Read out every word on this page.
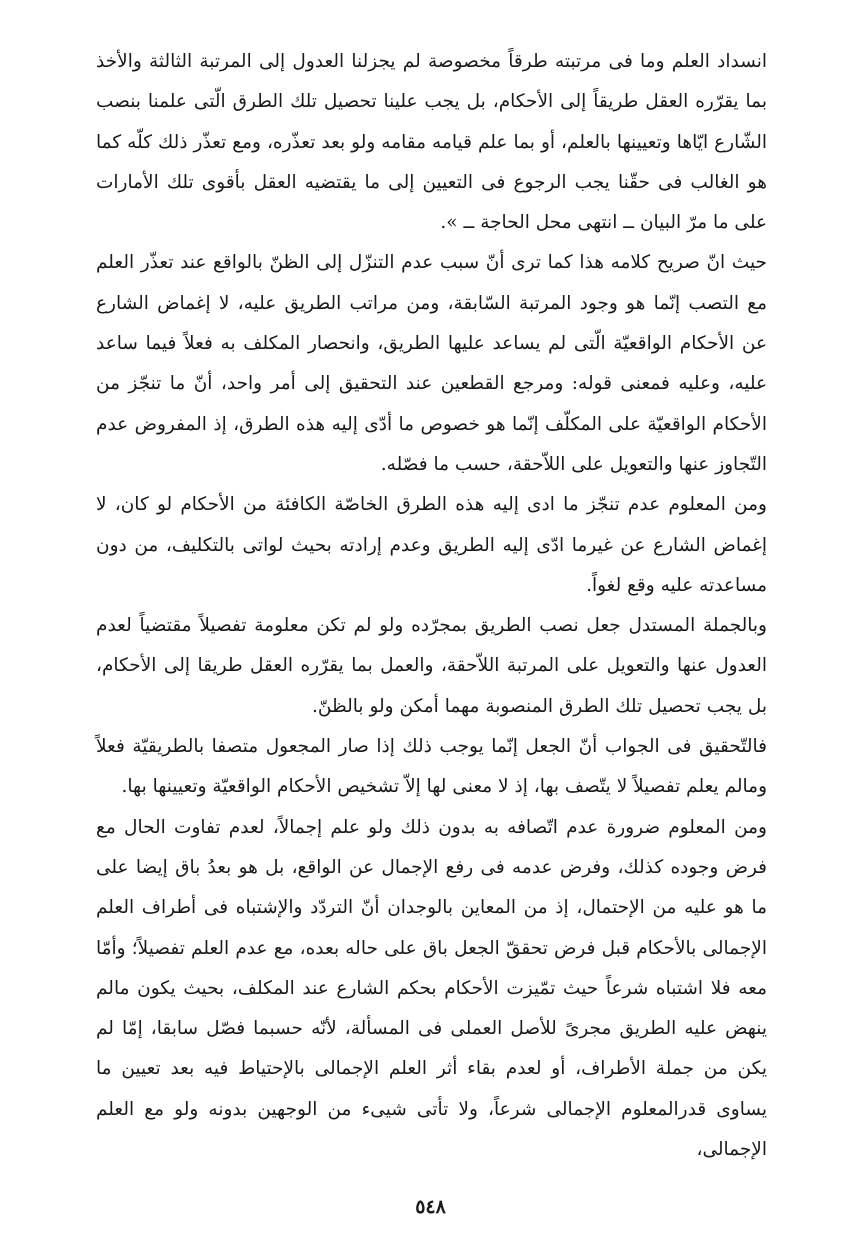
انسداد العلم وما فى مرتبته طرقاً مخصوصة لم يجزلنا العدول إلى المرتبة الثالثة والأخذ بما يقرّره العقل طريقاً إلى الأحكام، بل يجب علينا تحصيل تلك الطرق الّتى علمنا بنصب الشّارع ايّاها وتعيينها بالعلم، أو بما علم قيامه مقامه ولو بعد تعذّره، ومع تعذّر ذلك كلّه كما هو الغالب فى حقّنا يجب الرجوع فى التعيين إلى ما يقتضيه العقل بأقوى تلك الأمارات على ما مرّ البيان ــ انتهى محل الحاجة ــ ».

حيث انّ صريح كلامه هذا كما ترى أنّ سبب عدم التنزّل إلى الظنّ بالواقع عند تعذّر العلم مع التصب إنّما هو وجود المرتبة السّابقة، ومن مراتب الطريق عليه، لا إغماض الشارع عن الأحكام الواقعيّة الّتى لم يساعد عليها الطريق، وانحصار المكلف به فعلاً فيما ساعد عليه، وعليه فمعنى قوله: ومرجع القطعين عند التحقيق إلى أمر واحد، أنّ ما تنجّز من الأحكام الواقعيّة على المكلّف إنّما هو خصوص ما أدّى إليه هذه الطرق، إذ المفروض عدم التّجاوز عنها والتعويل على اللاّحقة، حسب ما فصّله.

ومن المعلوم عدم تنجّز ما ادى إليه هذه الطرق الخاصّة الكافئة من الأحكام لو كان، لا إغماض الشارع عن غيرما ادّى إليه الطريق وعدم إرادته بحيث لواتى بالتكليف، من دون مساعدته عليه وقع لغواً.

وبالجملة المستدل جعل نصب الطريق بمجرّده ولو لم تكن معلومة تفصيلاً مقتضياً لعدم العدول عنها والتعويل على المرتبة اللاّحقة، والعمل بما يقرّره العقل طريقا إلى الأحكام، بل يجب تحصيل تلك الطرق المنصوبة مهما أمكن ولو بالظنّ.

فالتّحقيق فى الجواب أنّ الجعل إنّما يوجب ذلك إذا صار المجعول متصفا بالطريقيّة فعلاً ومالم يعلم تفصيلاً لا يتّصف بها، إذ لا معنى لها إلاّ تشخيص الأحكام الواقعيّة وتعيينها بها.

ومن المعلوم ضرورة عدم اتّصافه به بدون ذلك ولو علم إجمالاً، لعدم تفاوت الحال مع فرض وجوده كذلك، وفرض عدمه فى رفع الإجمال عن الواقع، بل هو بعدُ باق إيضا على ما هو عليه من الإحتمال، إذ من المعاين بالوجدان أنّ التردّد والإشتباه فى أطراف العلم الإجمالى بالأحكام قبل فرض تحققّ الجعل باق على حاله بعده، مع عدم العلم تفصيلاً؛ وأمّا معه فلا اشتباه شرعاً حيث تمّيزت الأحكام بحكم الشارع عند المكلف، بحيث يكون مالم ينهض عليه الطريق مجرىً للأصل العملى فى المسألة، لأنّه حسبما فصّل سابقا، إمّا لم يكن من جملة الأطراف، أو لعدم بقاء أثر العلم الإجمالى بالإحتياط فيه بعد تعيين ما يساوى قدرالمعلوم الإجمالى شرعاً، ولا تأتى شيىء من الوجهين بدونه ولو مع العلم الإجمالى،

٥٤٨
